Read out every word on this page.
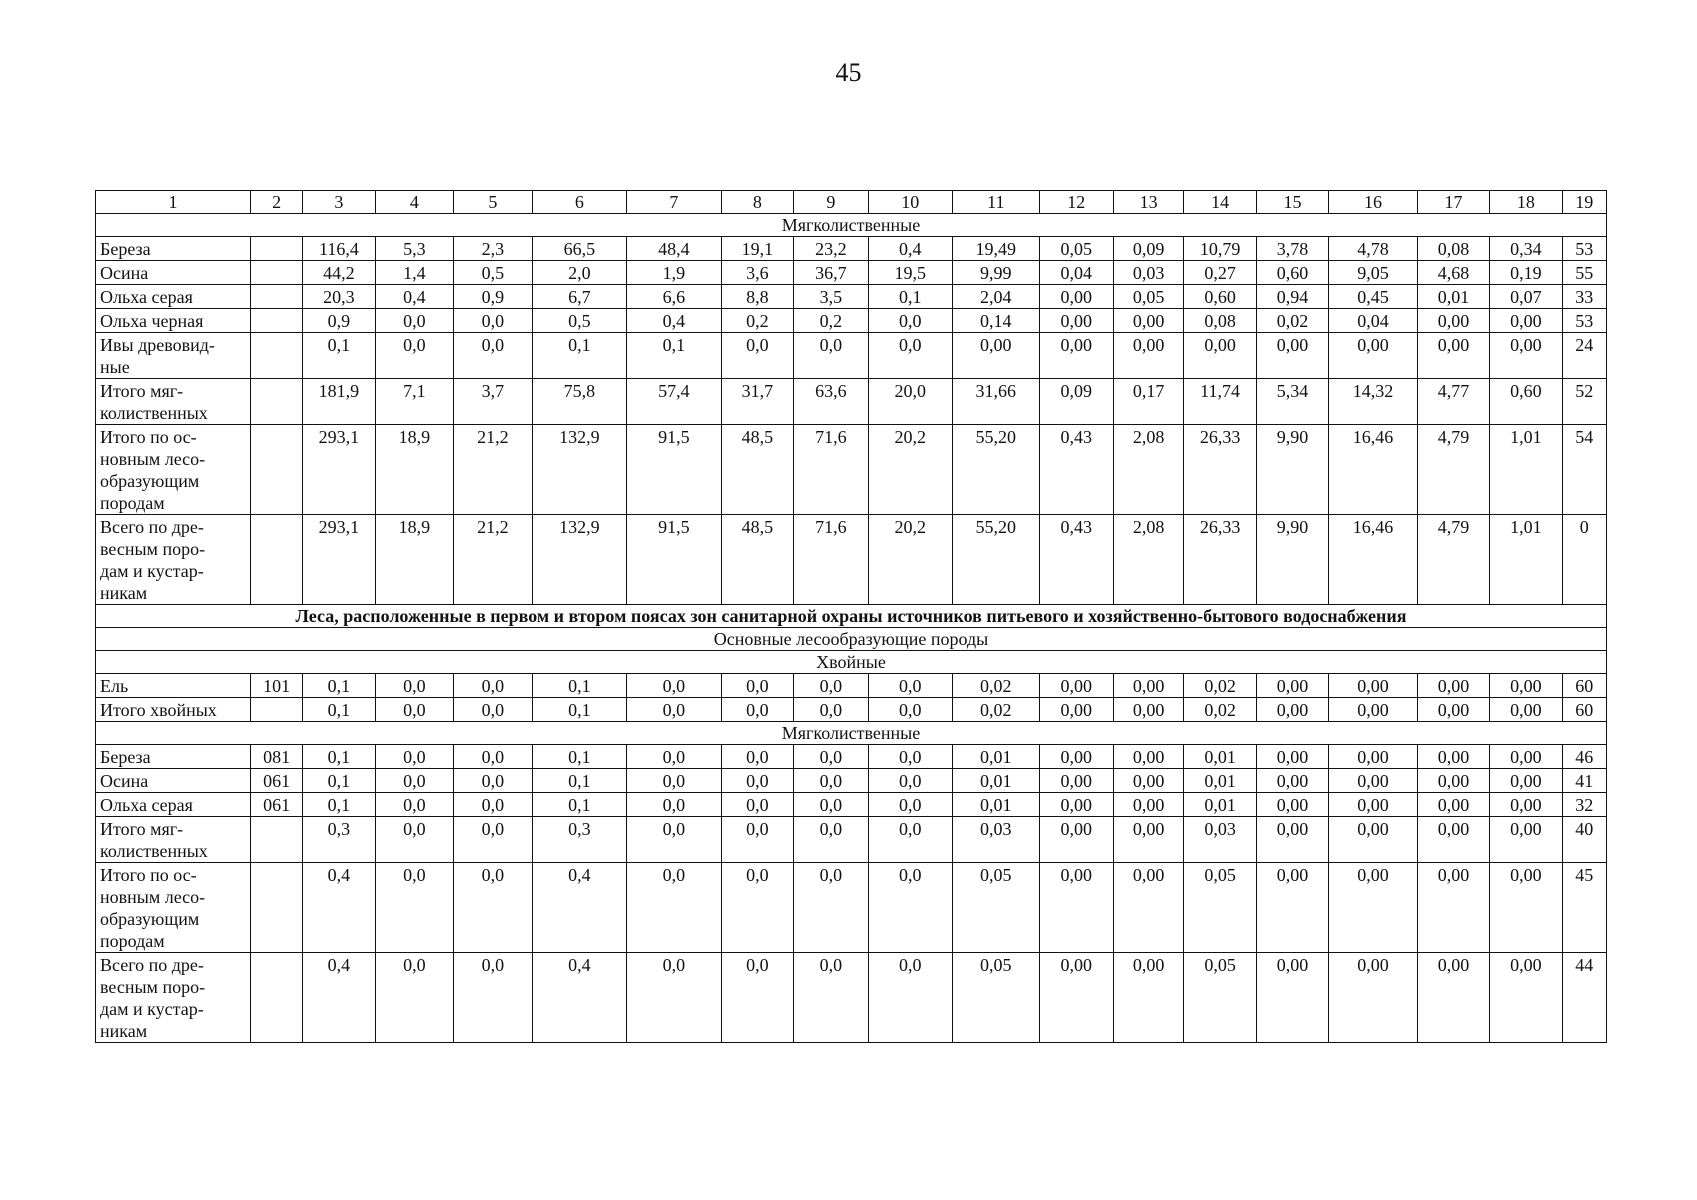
45
1	2	3	4	5	6	7	8	9	10	11	12	13	14	15	16	17	18	19
Мягколиственные																		
Береза		116,4	5,3	2,3	66,5	48,4	19,1	23,2	0,4	19,49	0,05	0,09	10,79	3,78	4,78	0,08	0,34	53
Осина		44,2	1,4	0,5	2,0	1,9	3,6	36,7	19,5	9,99	0,04	0,03	0,27	0,60	9,05	4,68	0,19	55
Ольха серая		20,3	0,4	0,9	6,7	6,6	8,8	3,5	0,1	2,04	0,00	0,05	0,60	0,94	0,45	0,01	0,07	33
Ольха черная		0,9	0,0	0,0	0,5	0,4	0,2	0,2	0,0	0,14	0,00	0,00	0,08	0,02	0,04	0,00	0,00	53
Ивы древовид-
ные		0,1	0,0	0,0	0,1	0,1	0,0	0,0	0,0	0,00	0,00	0,00	0,00	0,00	0,00	0,00	0,00	24
Итого мяг-
колиственных		181,9	7,1	3,7	75,8	57,4	31,7	63,6	20,0	31,66	0,09	0,17	11,74	5,34	14,32	4,77	0,60	52
Итого по ос-
новным лесо-
образующим
породам		293,1	18,9	21,2	132,9	91,5	48,5	71,6	20,2	55,20	0,43	2,08	26,33	9,90	16,46	4,79	1,01	54
Всего по дре-
весным поро-
дам и кустар-
никам		293,1	18,9	21,2	132,9	91,5	48,5	71,6	20,2	55,20	0,43	2,08	26,33	9,90	16,46	4,79	1,01	0
Леса, расположенные в первом и втором поясах зон санитарной охраны источников питьевого и хозяйственно-бытового водоснабжения																		
Основные лесообразующие породы																		
Хвойные																		
Ель	101	0,1	0,0	0,0	0,1	0,0	0,0	0,0	0,0	0,02	0,00	0,00	0,02	0,00	0,00	0,00	0,00	60
Итого хвойных		0,1	0,0	0,0	0,1	0,0	0,0	0,0	0,0	0,02	0,00	0,00	0,02	0,00	0,00	0,00	0,00	60
Мягколиственные																		
Береза	081	0,1	0,0	0,0	0,1	0,0	0,0	0,0	0,0	0,01	0,00	0,00	0,01	0,00	0,00	0,00	0,00	46
Осина	061	0,1	0,0	0,0	0,1	0,0	0,0	0,0	0,0	0,01	0,00	0,00	0,01	0,00	0,00	0,00	0,00	41
Ольха серая	061	0,1	0,0	0,0	0,1	0,0	0,0	0,0	0,0	0,01	0,00	0,00	0,01	0,00	0,00	0,00	0,00	32
Итого мяг-
колиственных		0,3	0,0	0,0	0,3	0,0	0,0	0,0	0,0	0,03	0,00	0,00	0,03	0,00	0,00	0,00	0,00	40
Итого по ос-
новным лесо-
образующим
породам		0,4	0,0	0,0	0,4	0,0	0,0	0,0	0,0	0,05	0,00	0,00	0,05	0,00	0,00	0,00	0,00	45
Всего по дре-
весным поро-
дам и кустар-
никам		0,4	0,0	0,0	0,4	0,0	0,0	0,0	0,0	0,05	0,00	0,00	0,05	0,00	0,00	0,00	0,00	44
